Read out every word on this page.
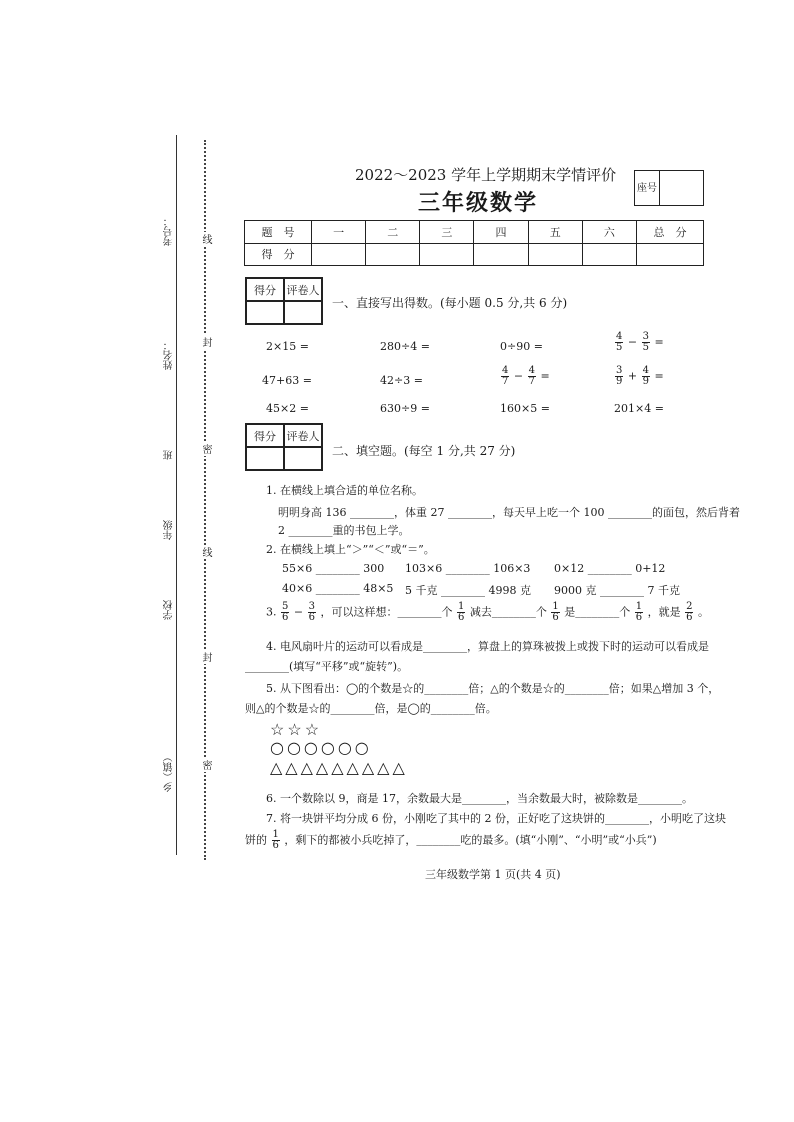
考号：
姓名：
班
年级
学校
乡（镇）
线
封
密
线
封
密
2022～2023 学年上学期期末学情评价
三年级数学
座号
题　号	一	二	三	四	五	六	总　分
得　分							
得分 评卷人
一、直接写出得数。(每小题 0.5 分,共 6 分)
2×15 =	280÷4 =	0÷90 =	$\frac{4}{5} - \frac{3}{5}$ =
47+63 =	42÷3 =	$\frac{4}{7} - \frac{4}{7}$ =	$\frac{3}{9} + \frac{4}{9}$ =
45×2 =	630÷9 =	160×5 =	201×4 =
得分 评卷人
二、填空题。(每空 1 分,共 27 分)
1. 在横线上填合适的单位名称。
明明身高 136 ________，体重 27 ________，每天早上吃一个 100 ________的面包，然后背着
2 ________重的书包上学。
2. 在横线上填上“＞”“＜”或“＝”。
55×6 ________ 300 103×6 ________ 106×3 0×12 ________ 0+12
40×6 ________ 48×5 5 千克 ________ 4998 克 9000 克 ________ 7 千克
3. $\frac{5}{6} - \frac{3}{6}$ ，可以这样想：________个 $\frac{1}{6}$ 减去________个 $\frac{1}{6}$ 是________个 $\frac{1}{6}$ ，就是 $\frac{2}{6}$ 。
4. 电风扇叶片的运动可以看成是________，算盘上的算珠被拨上或拨下时的运动可以看成是
________(填写“平移”或“旋转”)。
5. 从下图看出：◯的个数是☆的________倍；△的个数是☆的________倍；如果△增加 3 个，
则△的个数是☆的________倍，是◯的________倍。
☆☆☆
○○○○○○
△△△△△△△△△
6. 一个数除以 9，商是 17，余数最大是________，当余数最大时，被除数是________。
7. 将一块饼平均分成 6 份，小刚吃了其中的 2 份，正好吃了这块饼的________，小明吃了这块
饼的 $\frac{1}{6}$ ，剩下的都被小兵吃掉了，________吃的最多。(填“小刚”、“小明”或“小兵”)
三年级数学第 1 页(共 4 页)
